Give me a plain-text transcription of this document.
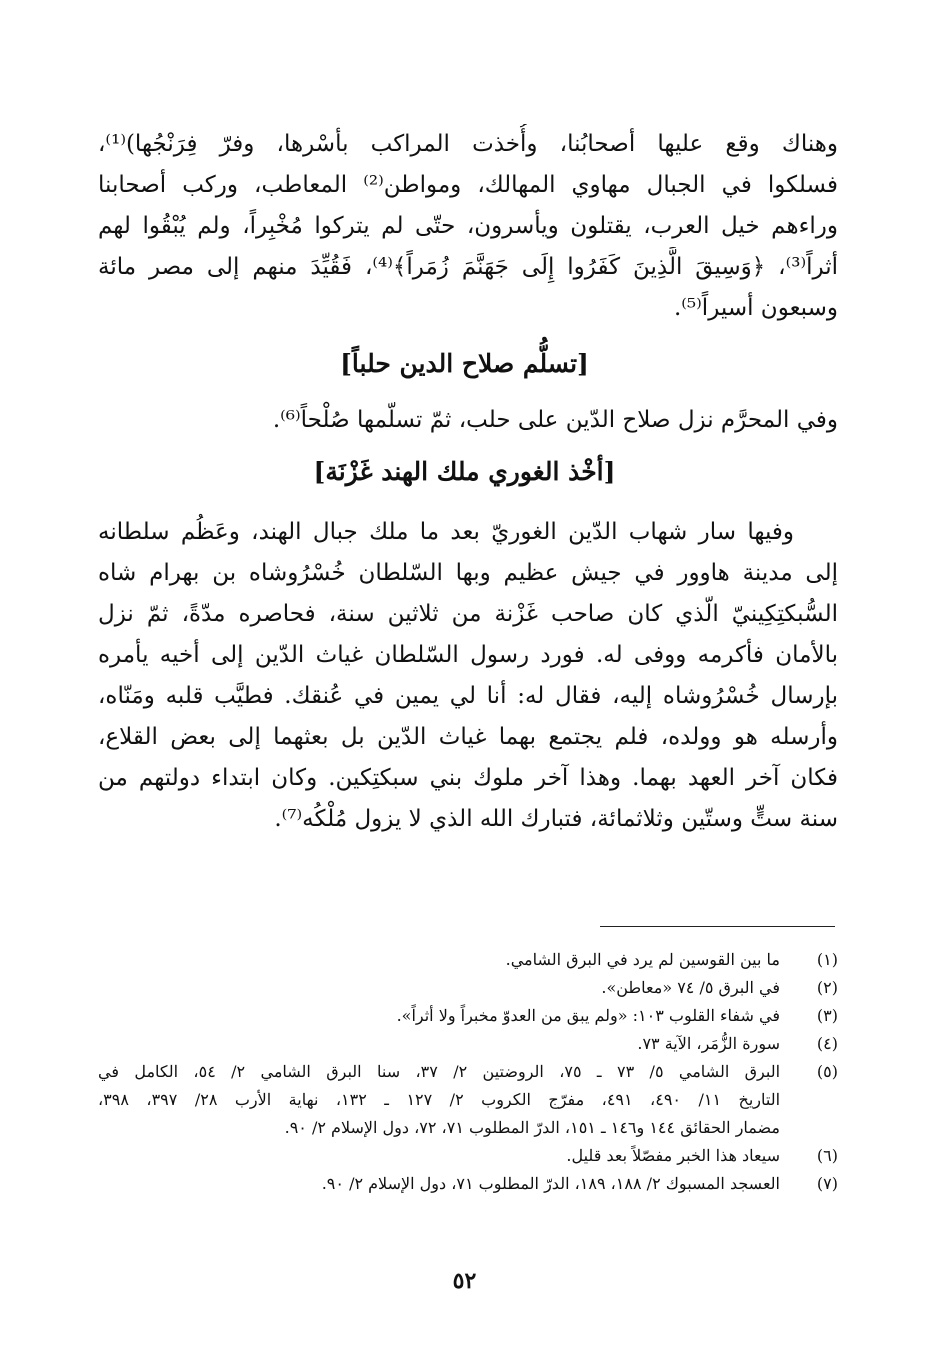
وهناك وقع عليها أصحابُنا، وأُخذت المراكب بأسْرها، وفرّ فِرَنْجُها)⁽¹⁾،
فسلكوا في الجبال مهاوي المهالك، ومواطن⁽²⁾ المعاطب، وركب أصحابنا
وراءهم خيل العرب، يقتلون ويأسرون، حتّى لم يتركوا مُخْبِراً، ولم يُبْقُوا لهم
أثراً⁽³⁾، ﴿وَسِيقَ الَّذِينَ كَفَرُوا إِلَى جَهَنَّمَ زُمَراً﴾⁽⁴⁾، فَقُيِّدَ منهم إلى مصر مائة
وسبعون أسيراً⁽⁵⁾.
[تسلُّم صلاح الدين حلباً]
وفي المحرَّم نزل صلاح الدّين على حلب، ثمّ تسلّمها صُلْحاً⁽⁶⁾.
[أخْذ الغوري ملك الهند غَزْنَة]
وفيها سار شهاب الدّين الغوريّ بعد ما ملك جبال الهند، وعَظُم سلطانه
إلى مدينة هاوور في جيش عظيم وبها السّلطان خُسْرُوشاه بن بهرام شاه
السُّبكتِكِينيّ الّذي كان صاحب غَزْنة من ثلاثين سنة، فحاصره مدّةً، ثمّ نزل
بالأمان فأكرمه ووفى له. فورد رسول السّلطان غياث الدّين إلى أخيه يأمره
بإرسال خُسْرُوشاه إليه، فقال له: أنا لي يمين في عُنقك. فطيَّب قلبه ومَنّاه،
وأرسله هو وولده، فلم يجتمع بهما غياث الدّين بل بعثهما إلى بعض القلاع،
فكان آخر العهد بهما. وهذا آخر ملوك بني سبكتِكين. وكان ابتداء دولتهم من
سنة ستٍّ وستّين وثلاثمائة، فتبارك الله الذي لا يزول مُلْكُه⁽⁷⁾.
(١)
ما بين القوسين لم يرد في البرق الشامي.
(٢)
في البرق ٥/ ٧٤ «معاطن».
(٣)
في شفاء القلوب ١٠٣: «ولم يبق من العدوّ مخبراً ولا أثراً».
(٤)
سورة الزُّمَر، الآية ٧٣.
(٥)
البرق الشامي ٥/ ٧٣ ـ ٧٥، الروضتين ٢/ ٣٧، سنا البرق الشامي ٢/ ٥٤، الكامل في
التاريخ ١١/ ٤٩٠، ٤٩١، مفرّج الكروب ٢/ ١٢٧ ـ ١٣٢، نهاية الأرب ٢٨/ ٣٩٧، ٣٩٨،
مضمار الحقائق ١٤٤ و١٤٦ ـ ١٥١، الدرّ المطلوب ٧١، ٧٢، دول الإسلام ٢/ ٩٠.
(٦)
سيعاد هذا الخبر مفصّلاً بعد قليل.
(٧)
العسجد المسبوك ٢/ ١٨٨، ١٨٩، الدرّ المطلوب ٧١، دول الإسلام ٢/ ٩٠.
٥٢
